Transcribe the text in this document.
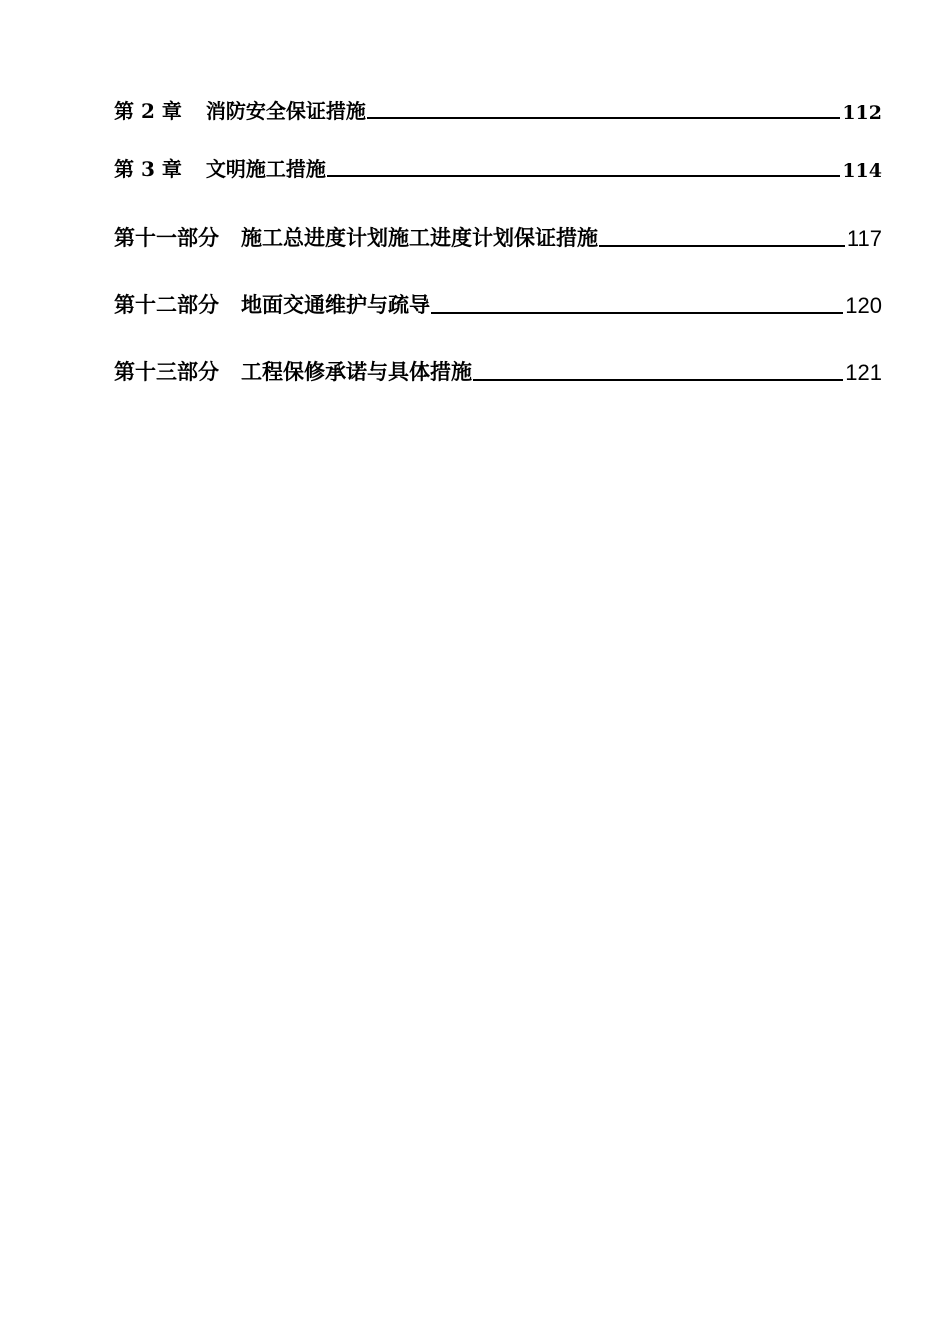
第 2 章 消防安全保证措施	112
第 3 章 文明施工措施	114
第十一部分 施工总进度计划施工进度计划保证措施	117
第十二部分 地面交通维护与疏导	120
第十三部分 工程保修承诺与具体措施	121
